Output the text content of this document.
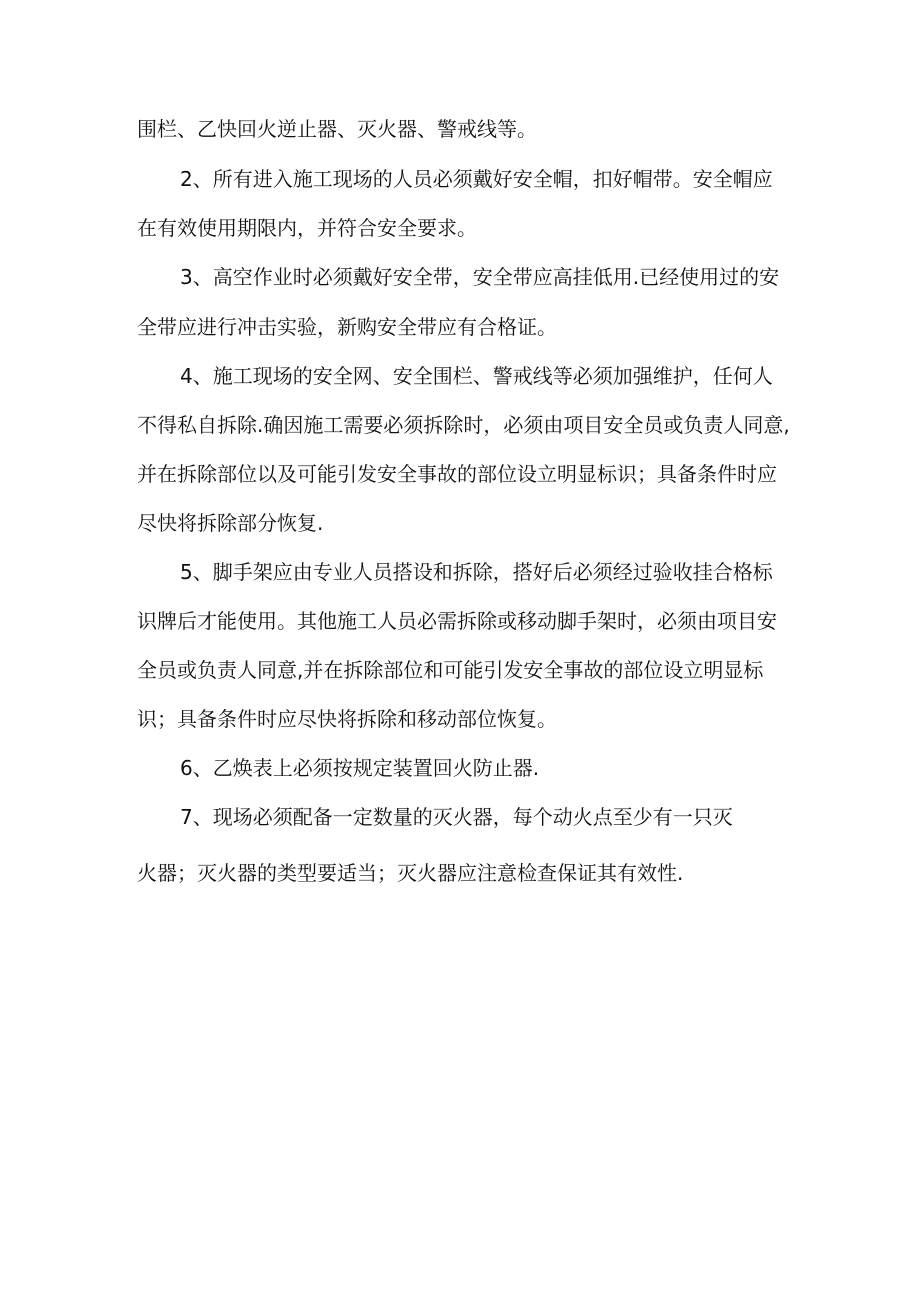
围栏、乙快回火逆止器、灭火器、警戒线等。
2、所有进入施工现场的人员必须戴好安全帽，扣好帽带。安全帽应
在有效使用期限内，并符合安全要求。
3、高空作业时必须戴好安全带，安全带应高挂低用.已经使用过的安
全带应进行冲击实验，新购安全带应有合格证。
4、施工现场的安全网、安全围栏、警戒线等必须加强维护，任何人
不得私自拆除.确因施工需要必须拆除时，必须由项目安全员或负责人同意,
并在拆除部位以及可能引发安全事故的部位设立明显标识；具备条件时应
尽快将拆除部分恢复.
5、脚手架应由专业人员搭设和拆除，搭好后必须经过验收挂合格标
识牌后才能使用。其他施工人员必需拆除或移动脚手架时，必须由项目安
全员或负责人同意,并在拆除部位和可能引发安全事故的部位设立明显标
识；具备条件时应尽快将拆除和移动部位恢复。
6、乙焕表上必须按规定装置回火防止器.
7、现场必须配备一定数量的灭火器，每个动火点至少有一只灭
火器；灭火器的类型要适当；灭火器应注意检查保证其有效性.
